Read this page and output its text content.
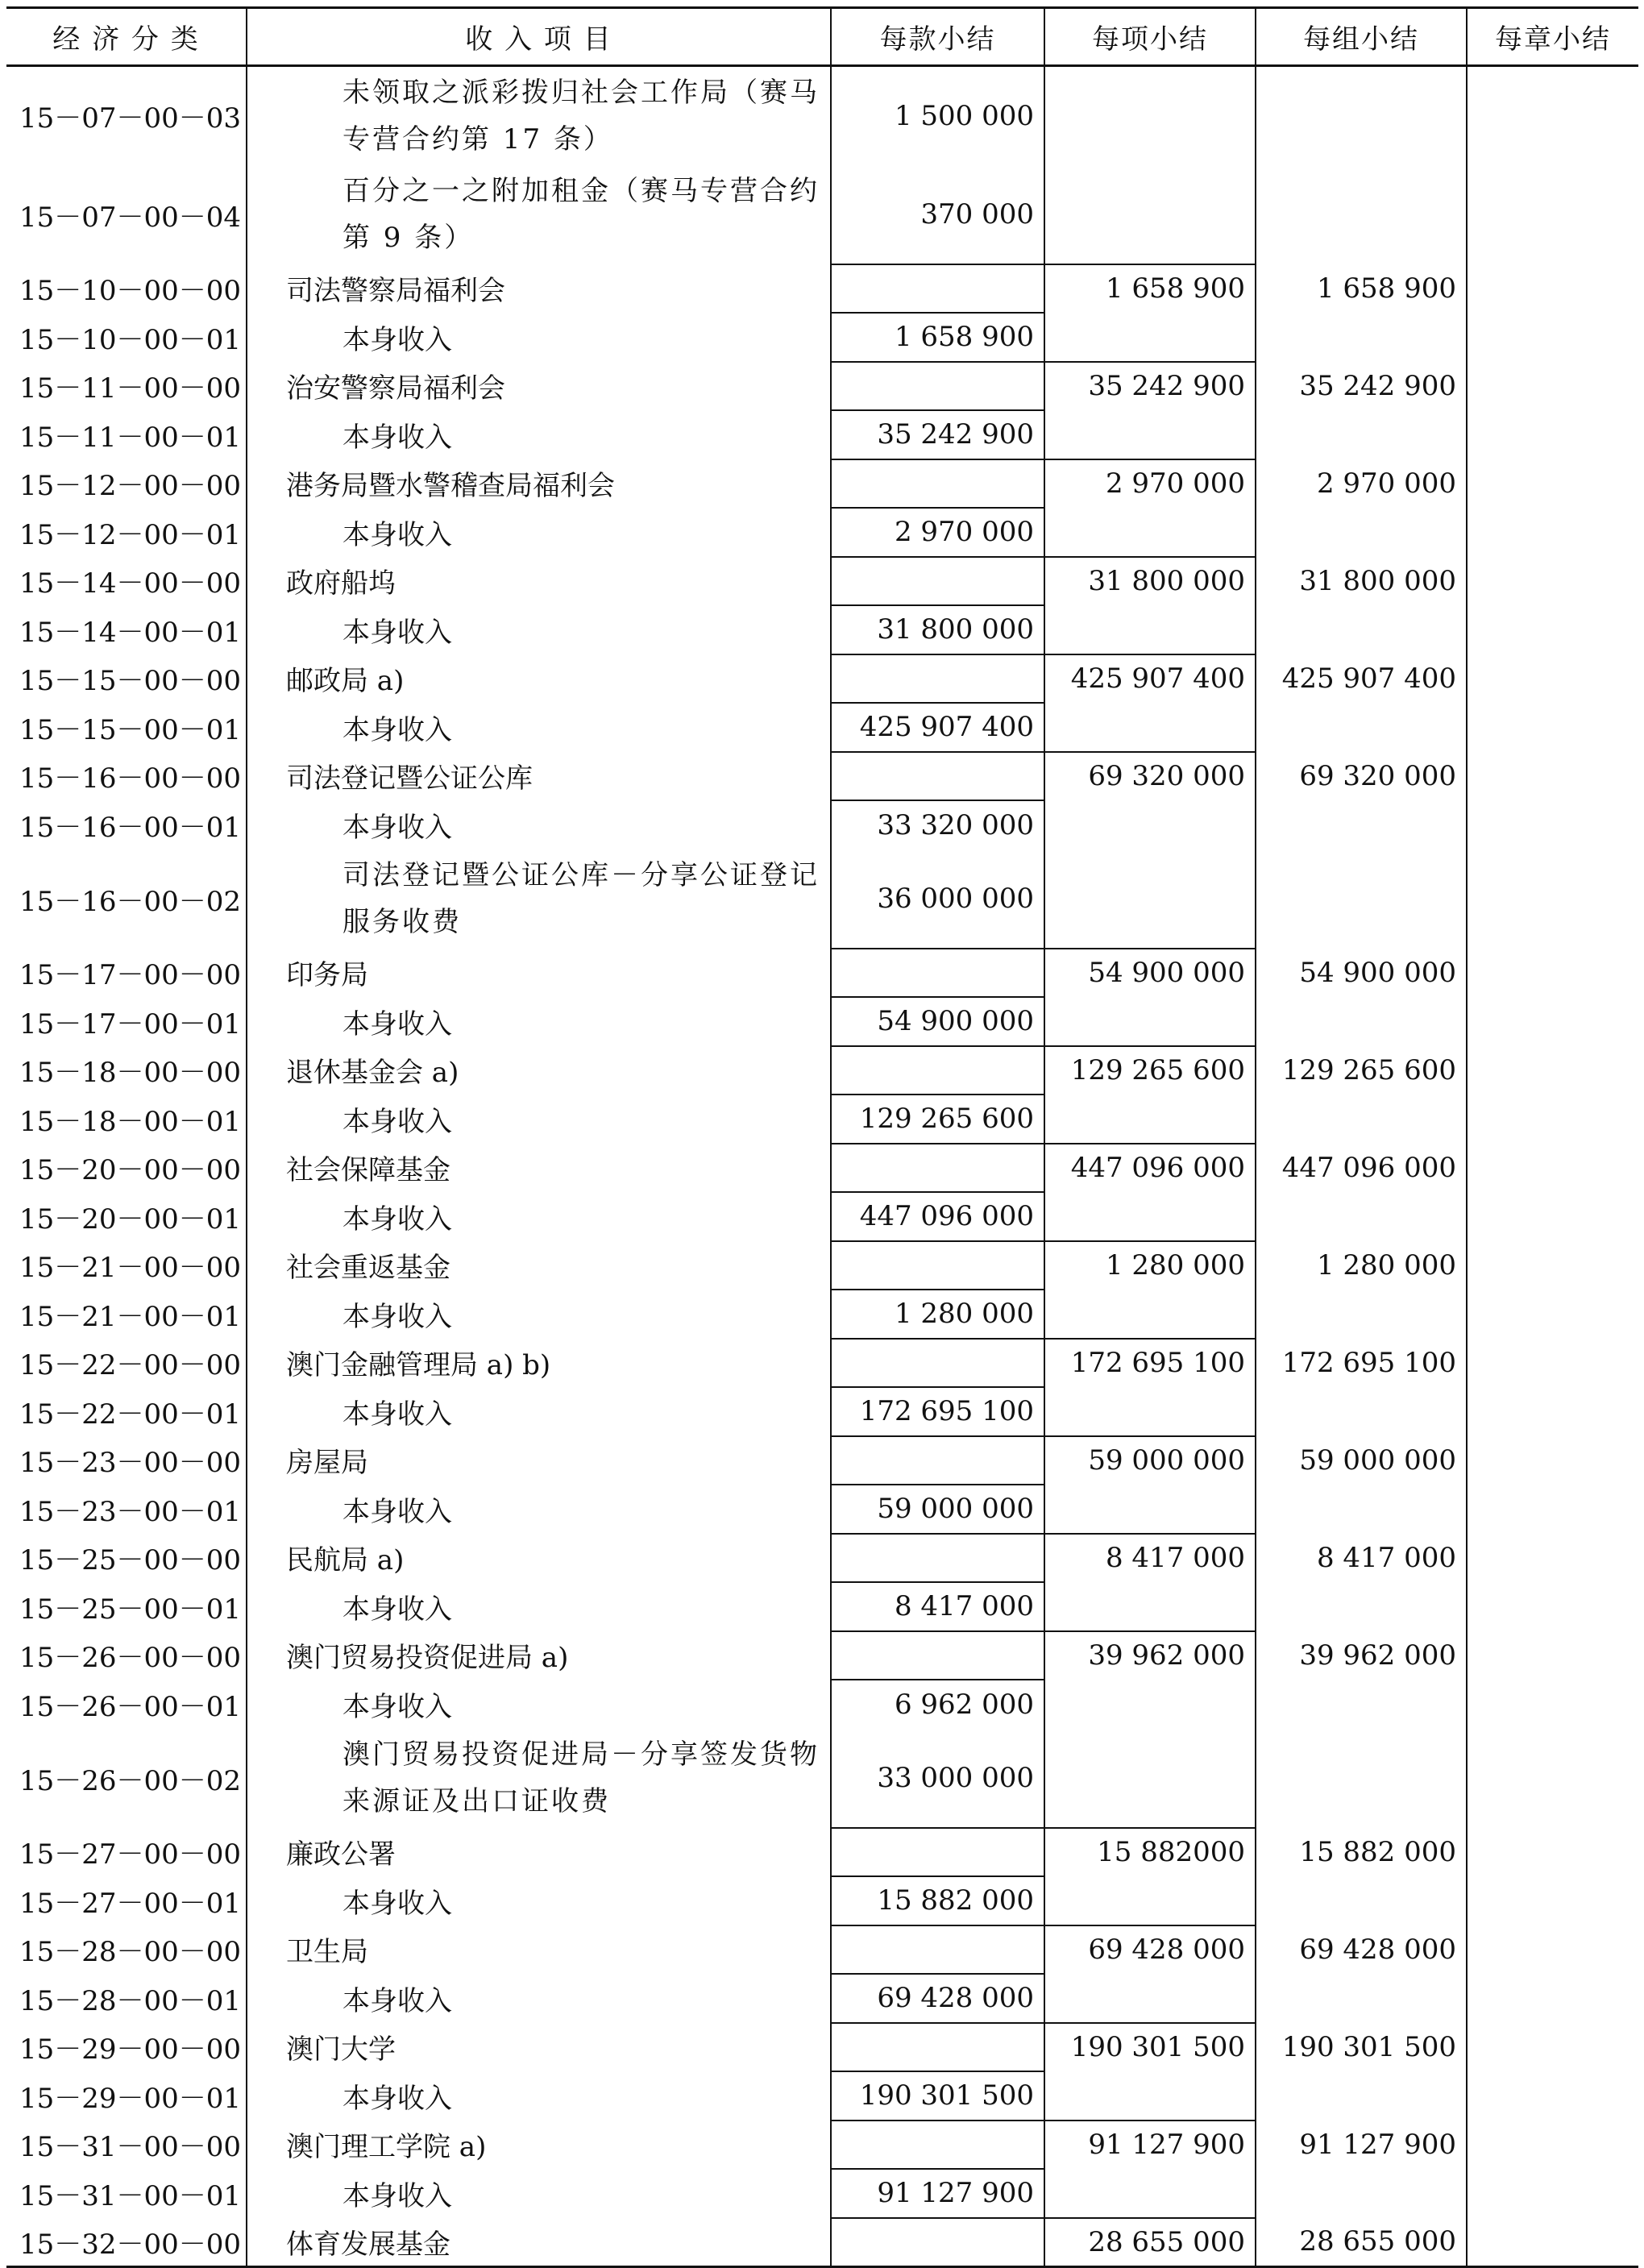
经 济 分 类	收 入 项 目	每款小结	每项小结	每组小结	每章小结
15－07－00－03	未领取之派彩拨归社会工作局（赛马专营合约第 17 条）	1 500 000			
15－07－00－04	百分之一之附加租金（赛马专营合约第 9 条）	370 000			
15－10－00－00	司法警察局福利会		1 658 900	1 658 900	
15－10－00－01	本身收入	1 658 900			
15－11－00－00	治安警察局福利会		35 242 900	35 242 900	
15－11－00－01	本身收入	35 242 900			
15－12－00－00	港务局暨水警稽查局福利会		2 970 000	2 970 000	
15－12－00－01	本身收入	2 970 000			
15－14－00－00	政府船坞		31 800 000	31 800 000	
15－14－00－01	本身收入	31 800 000			
15－15－00－00	邮政局 a)		425 907 400	425 907 400	
15－15－00－01	本身收入	425 907 400			
15－16－00－00	司法登记暨公证公库		69 320 000	69 320 000	
15－16－00－01	本身收入	33 320 000			
15－16－00－02	司法登记暨公证公库－分享公证登记服务收费	36 000 000			
15－17－00－00	印务局		54 900 000	54 900 000	
15－17－00－01	本身收入	54 900 000			
15－18－00－00	退休基金会 a)		129 265 600	129 265 600	
15－18－00－01	本身收入	129 265 600			
15－20－00－00	社会保障基金		447 096 000	447 096 000	
15－20－00－01	本身收入	447 096 000			
15－21－00－00	社会重返基金		1 280 000	1 280 000	
15－21－00－01	本身收入	1 280 000			
15－22－00－00	澳门金融管理局 a) b)		172 695 100	172 695 100	
15－22－00－01	本身收入	172 695 100			
15－23－00－00	房屋局		59 000 000	59 000 000	
15－23－00－01	本身收入	59 000 000			
15－25－00－00	民航局 a)		8 417 000	8 417 000	
15－25－00－01	本身收入	8 417 000			
15－26－00－00	澳门贸易投资促进局 a)		39 962 000	39 962 000	
15－26－00－01	本身收入	6 962 000			
15－26－00－02	澳门贸易投资促进局－分享签发货物来源证及出口证收费	33 000 000			
15－27－00－00	廉政公署		15 882000	15 882 000	
15－27－00－01	本身收入	15 882 000			
15－28－00－00	卫生局		69 428 000	69 428 000	
15－28－00－01	本身收入	69 428 000			
15－29－00－00	澳门大学		190 301 500	190 301 500	
15－29－00－01	本身收入	190 301 500			
15－31－00－00	澳门理工学院 a)		91 127 900	91 127 900	
15－31－00－01	本身收入	91 127 900			
15－32－00－00	体育发展基金		28 655 000	28 655 000	
